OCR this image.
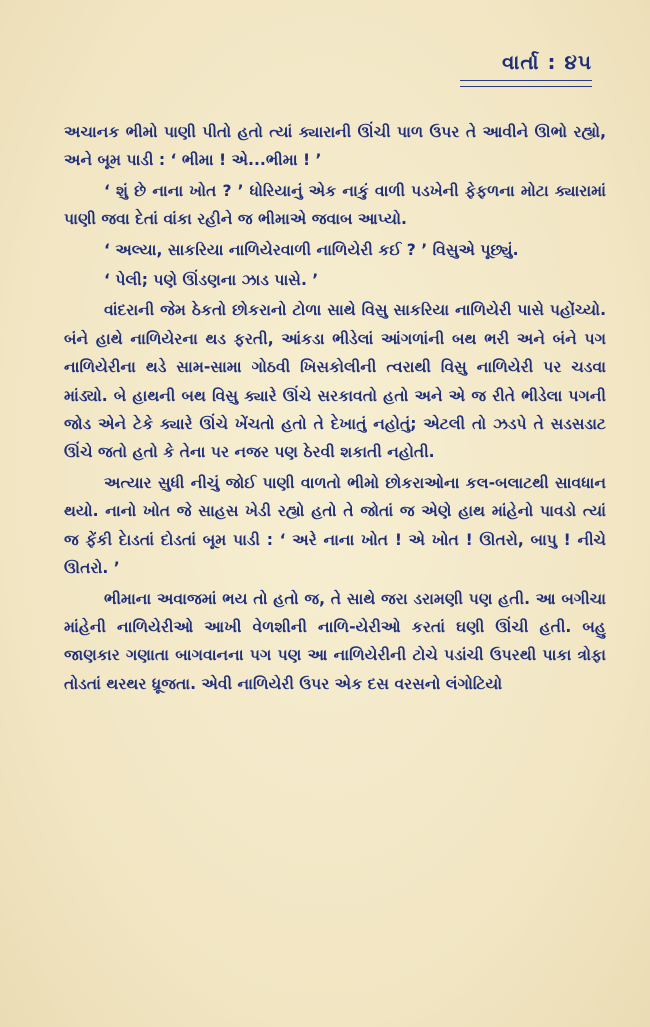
વાર્તા : ૪૫

અચાનક ભીમો પાણી પીતો હતો ત્યાં ક્યારાની ઊંચી પાળ ઉપર તે આવીને ઊભો રહ્યો, અને બૂમ પાડી : ‘ ભીમા ! એ...ભીમા ! ’

‘ શું છે નાના ખોત ? ’ ધોરિયાનું એક નાકું વાળી પડખેની ફેફળના મોટા ક્યારામાં પાણી જવા દેતાં વાંકા રહીને જ ભીમાએ જવાબ આપ્યો.

‘ અલ્યા, સાકરિયા નાળિયેરવાળી નાળિયેરી કઈ ? ’ વિસુએ પૂછ્યું.

‘ પેલી; પણે ઊંડણના ઝાડ પાસે. ’

વાંદરાની જેમ ઠેકતો છોકરાનો ટોળા સાથે વિસુ સાકરિયા નાળિયેરી પાસે પહોંચ્યો. બંને હાથે નાળિયેરના થડ ફરતી, આંકડા ભીડેલાં આંગળાંની બથ ભરી અને બંને પગ નાળિયેરીના થડે સામ-સામા ગોઠવી ખિસકોલીની ત્વરાથી વિસુ નાળિયેરી પર ચડવા માંડ્યો. બે હાથની બથ વિસુ ક્યારે ઊંચે સરકાવતો હતો અને એ જ રીતે ભીડેલા પગની જોડ એને ટેકે ક્યારે ઊંચે ખેંચતો હતો તે દેખાતું નહોતું; એટલી તો ઝડપે તે સડસડાટ ઊંચે જતો હતો કે તેના પર નજર પણ ઠેરવી શકાતી નહોતી.

અત્યાર સુધી નીચું જોઈ પાણી વાળતો ભીમો છોકરાઓના કલ-બલાટથી સાવધાન થયો. નાનો ખોત જે સાહસ ખેડી રહ્યો હતો તે જોતાં જ એણે હાથ માંહેનો પાવડો ત્યાં જ ફેંકી દેાડતાં દોડતાં બૂમ પાડી : ‘ અરે નાના ખોત ! એ ખોત ! ઊતરો, બાપુ ! નીચે ઊતરો. ’

ભીમાના અવાજમાં ભય તો હતો જ, તે સાથે જરા ડરામણી પણ હતી. આ બગીચા માંહેની નાળિયેરીઓ આખી વેળશીની નાળિ-યેરીઓ કરતાં ઘણી ઊંચી હતી. બહુ જાણકાર ગણાતા બાગવાનના પગ પણ આ નાળિયેરીની ટોચે પડાંચી ઉપરથી પાકા ત્રોફા તોડતાં થરથર ધ્રૂજતા. એવી નાળિયેરી ઉપર એક દસ વરસનો લંગોટિયો
